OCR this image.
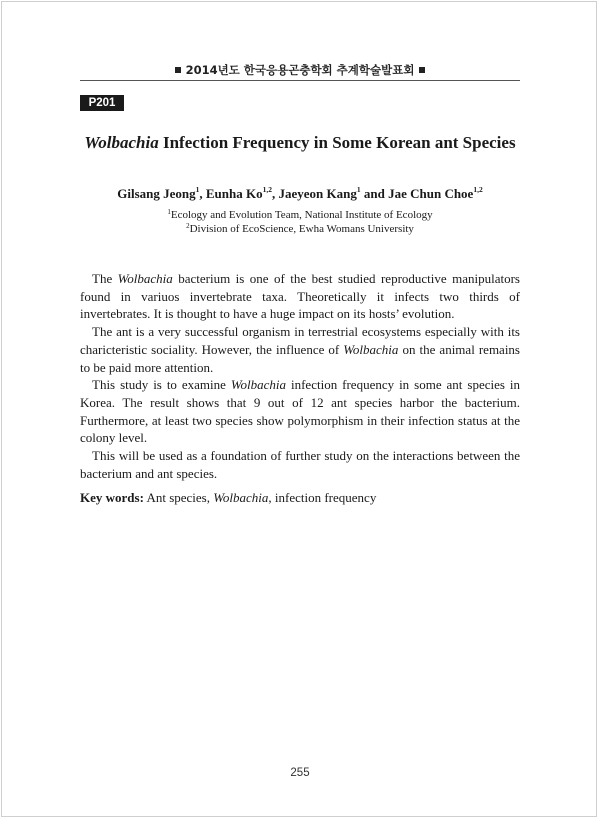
2014년도 한국응용곤충학회 추계학술발표회
P201
Wolbachia Infection Frequency in Some Korean ant Species
Gilsang Jeong$^1$, Eunha Ko$^{1,2}$, Jaeyeon Kang$^1$ and Jae Chun Choe$^{1,2}$
$^1$Ecology and Evolution Team, National Institute of Ecology
$^2$Division of EcoScience, Ewha Womans University

The Wolbachia bacterium is one of the best studied reproductive manipulators found in variuos invertebrate taxa. Theoretically it infects two thirds of invertebrates. It is thought to have a huge impact on its hosts’ evolution.

The ant is a very successful organism in terrestrial ecosystems especially with its charicteristic sociality. However, the influence of Wolbachia on the animal remains to be paid more attention.

This study is to examine Wolbachia infection frequency in some ant species in Korea. The result shows that 9 out of 12 ant species harbor the bacterium. Furthermore, at least two species show polymorphism in their infection status at the colony level.

This will be used as a foundation of further study on the interactions between the bacterium and ant species.

Key words: Ant species, Wolbachia, infection frequency
255
